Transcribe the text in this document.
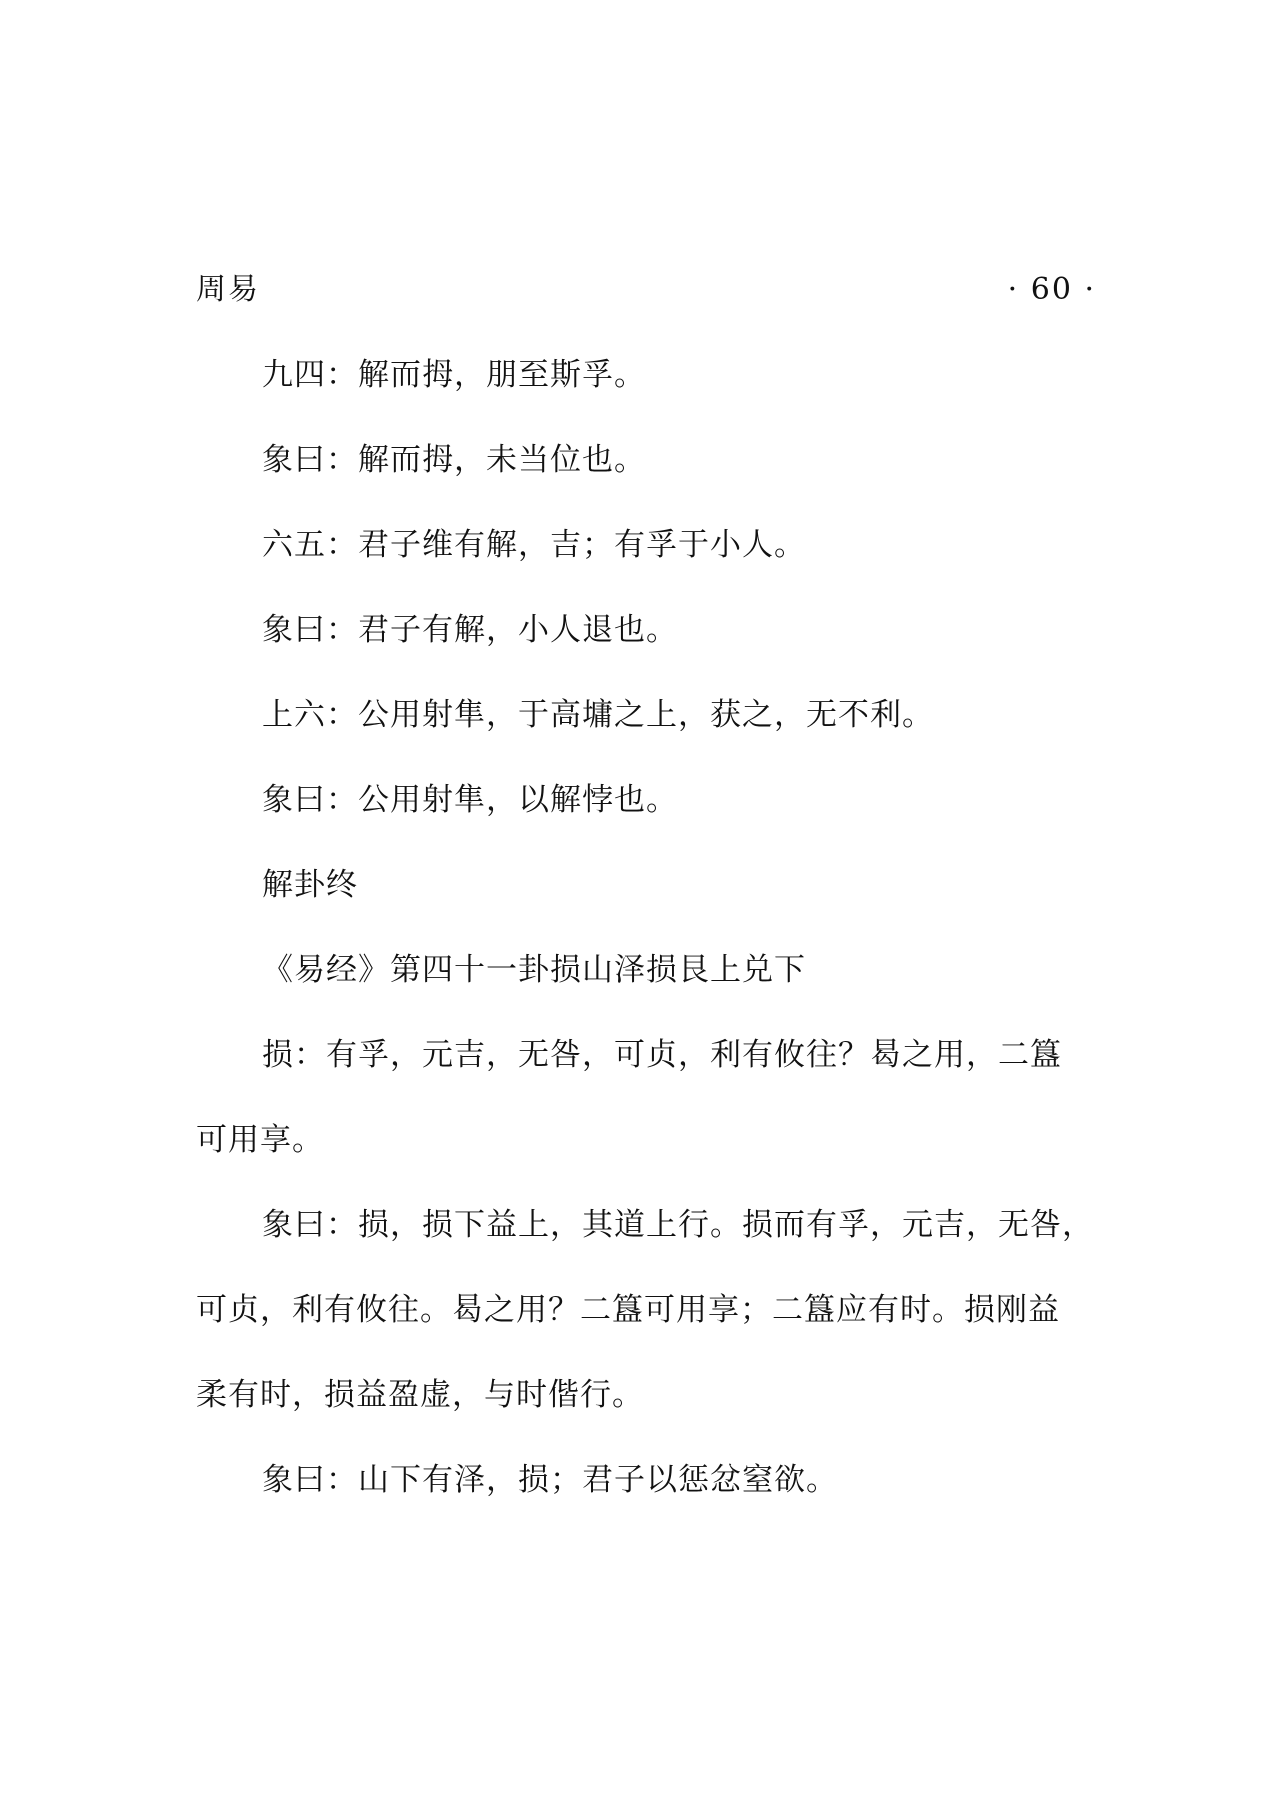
周易	· 60 ·

九四：解而拇，朋至斯孚。

象曰：解而拇，未当位也。

六五：君子维有解，吉；有孚于小人。

象曰：君子有解，小人退也。

上六：公用射隼，于高墉之上，获之，无不利。

象曰：公用射隼，以解悖也。

解卦终

《易经》第四十一卦损山泽损艮上兑下

损：有孚，元吉，无咎，可贞，利有攸往？曷之用，二簋
可用享。

象曰：损，损下益上，其道上行。损而有孚，元吉，无咎，
可贞，利有攸往。曷之用？二簋可用享；二簋应有时。损刚益
柔有时，损益盈虚，与时偕行。

象曰：山下有泽，损；君子以惩忿窒欲。
